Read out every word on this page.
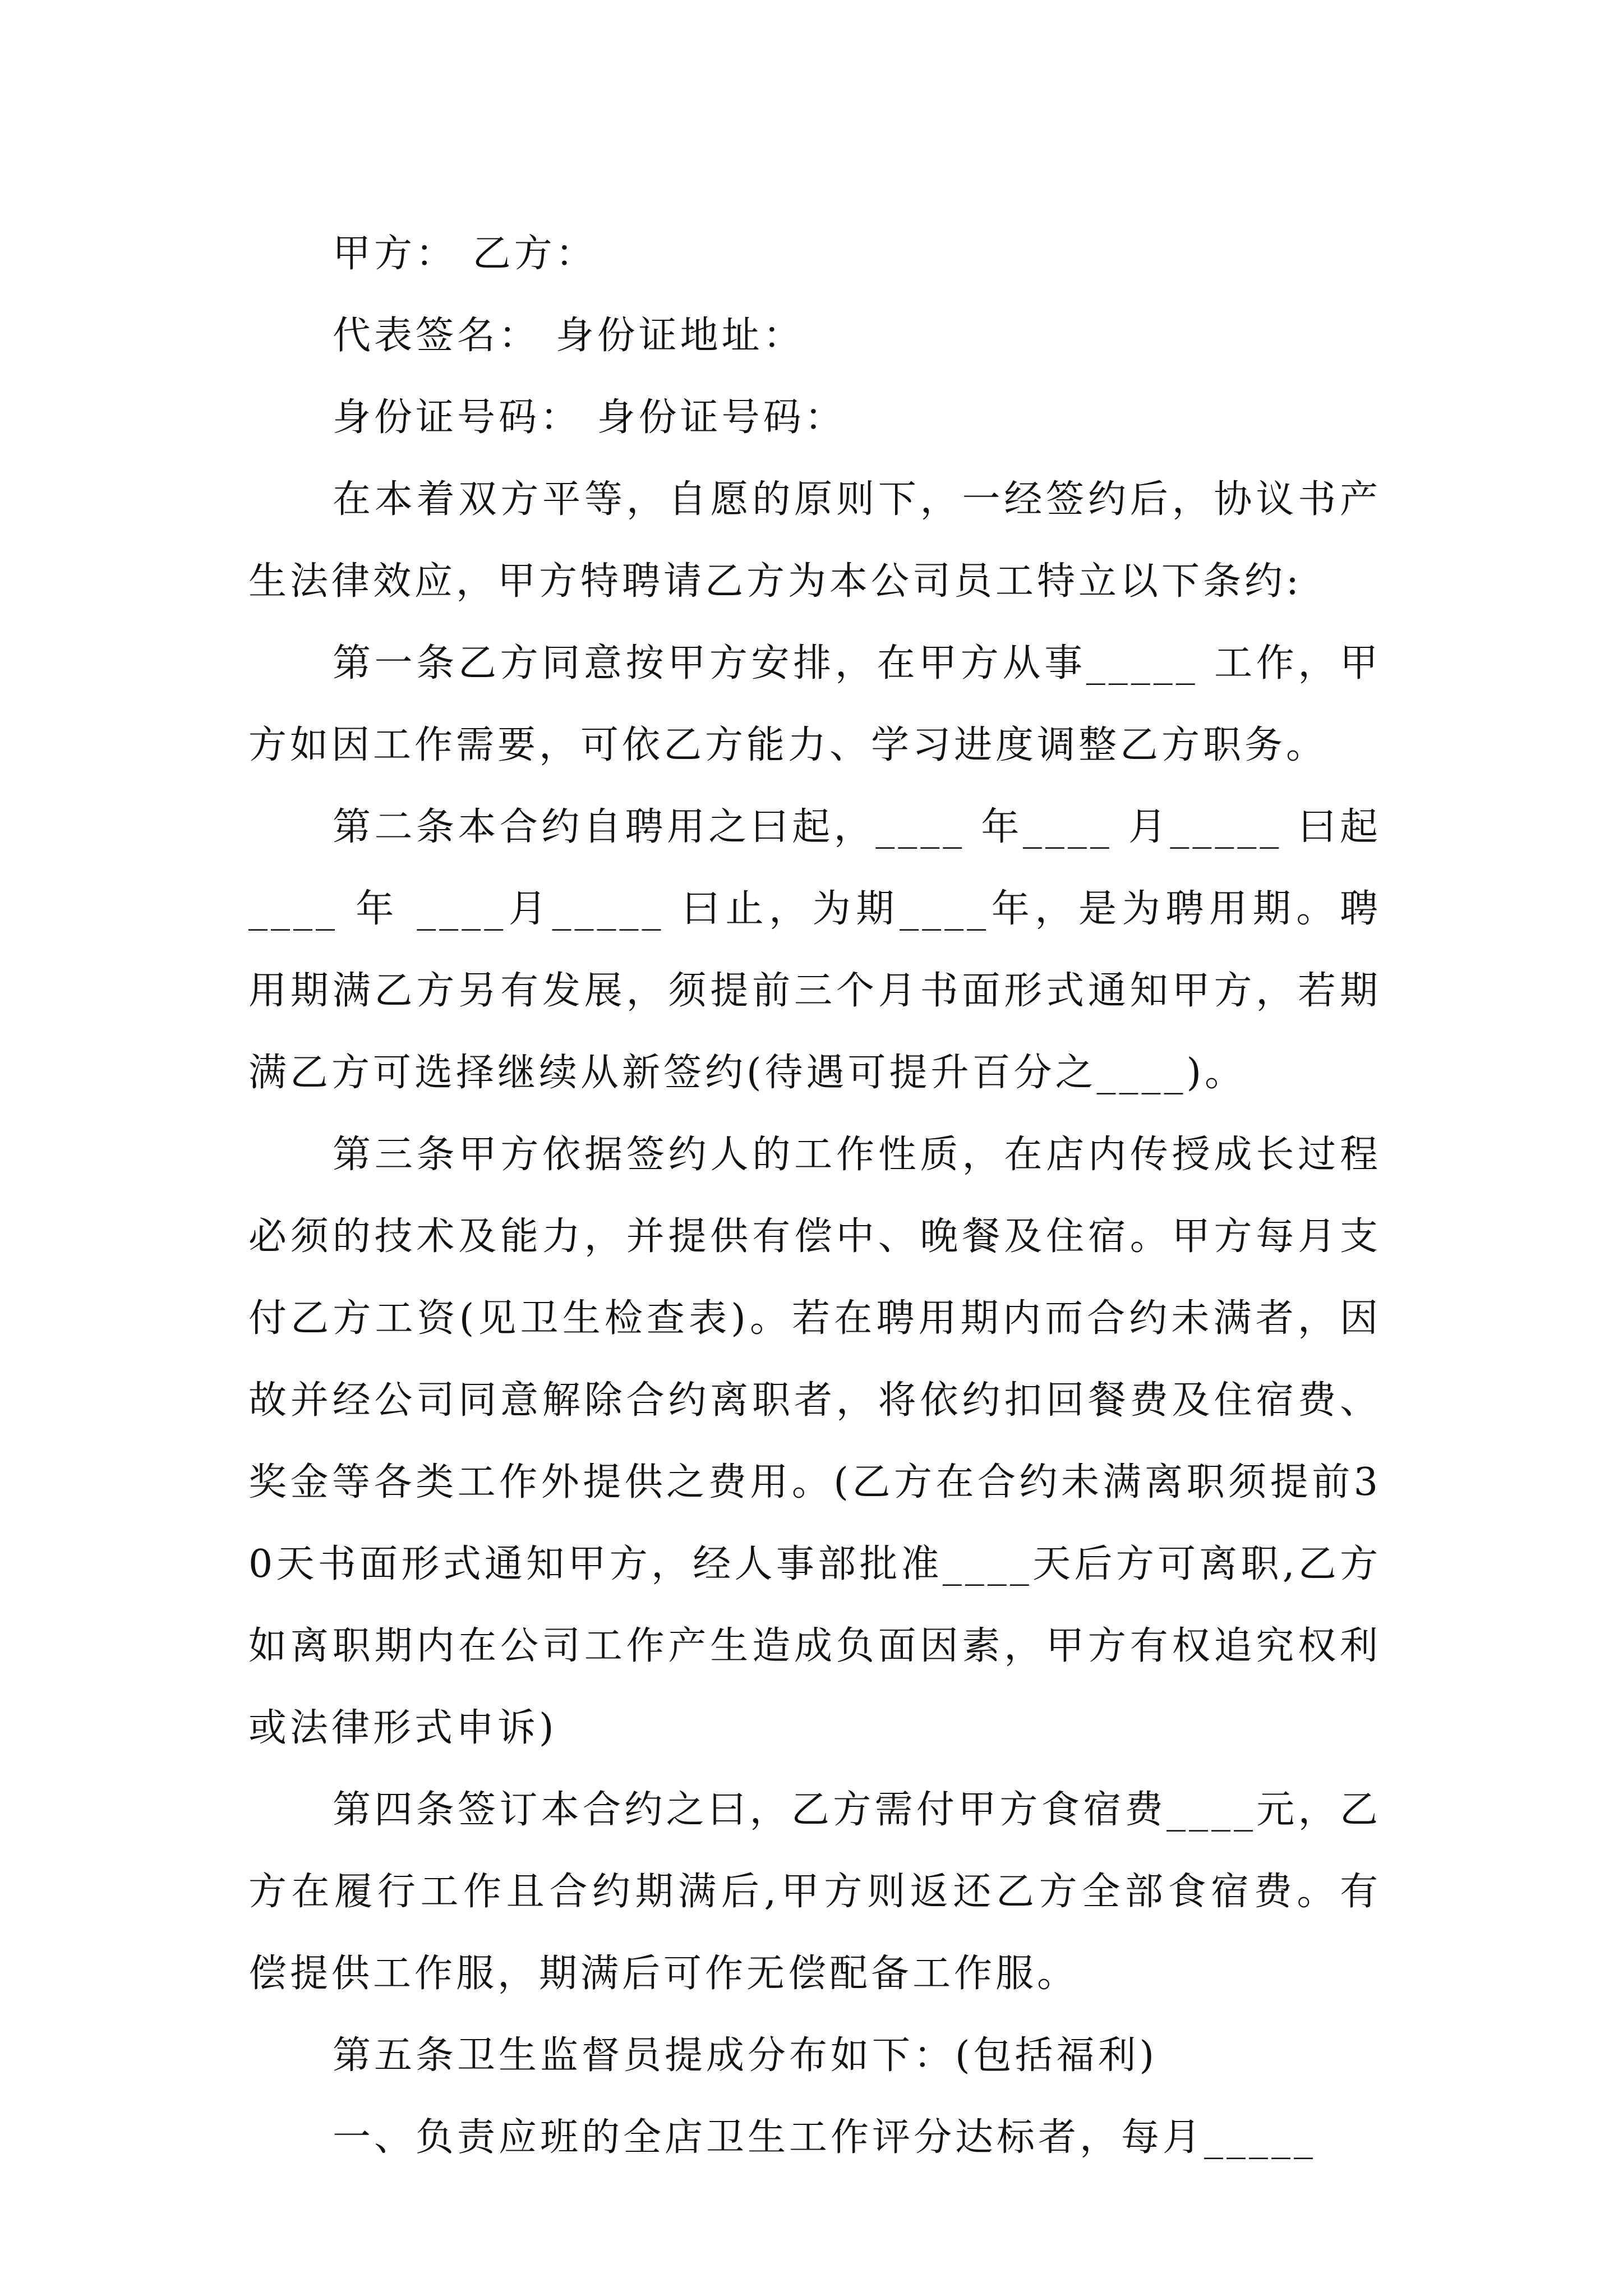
甲方： 乙方：

代表签名： 身份证地址：

身份证号码： 身份证号码：

在本着双方平等，自愿的原则下，一经签约后，协议书产生法律效应，甲方特聘请乙方为本公司员工特立以下条约:

第一条乙方同意按甲方安排，在甲方从事_____ 工作，甲方如因工作需要，可依乙方能力、学习进度调整乙方职务。

第二条本合约自聘用之曰起，____ 年____ 月_____ 曰起____ 年 ____月_____ 曰止，为期____年，是为聘用期。聘用期满乙方另有发展，须提前三个月书面形式通知甲方，若期满乙方可选择继续从新签约(待遇可提升百分之____)。

第三条甲方依据签约人的工作性质，在店内传授成长过程必须的技术及能力，并提供有偿中、晚餐及住宿。甲方每月支付乙方工资(见卫生检查表)。若在聘用期内而合约未满者，因故并经公司同意解除合约离职者，将依约扣回餐费及住宿费、奖金等各类工作外提供之费用。(乙方在合约未满离职须提前30天书面形式通知甲方，经人事部批准____天后方可离职,乙方如离职期内在公司工作产生造成负面因素，甲方有权追究权利或法律形式申诉)

第四条签订本合约之曰，乙方需付甲方食宿费____元，乙方在履行工作且合约期满后,甲方则返还乙方全部食宿费。有偿提供工作服，期满后可作无偿配备工作服。

第五条卫生监督员提成分布如下：(包括福利)

一、负责应班的全店卫生工作评分达标者，每月_____
